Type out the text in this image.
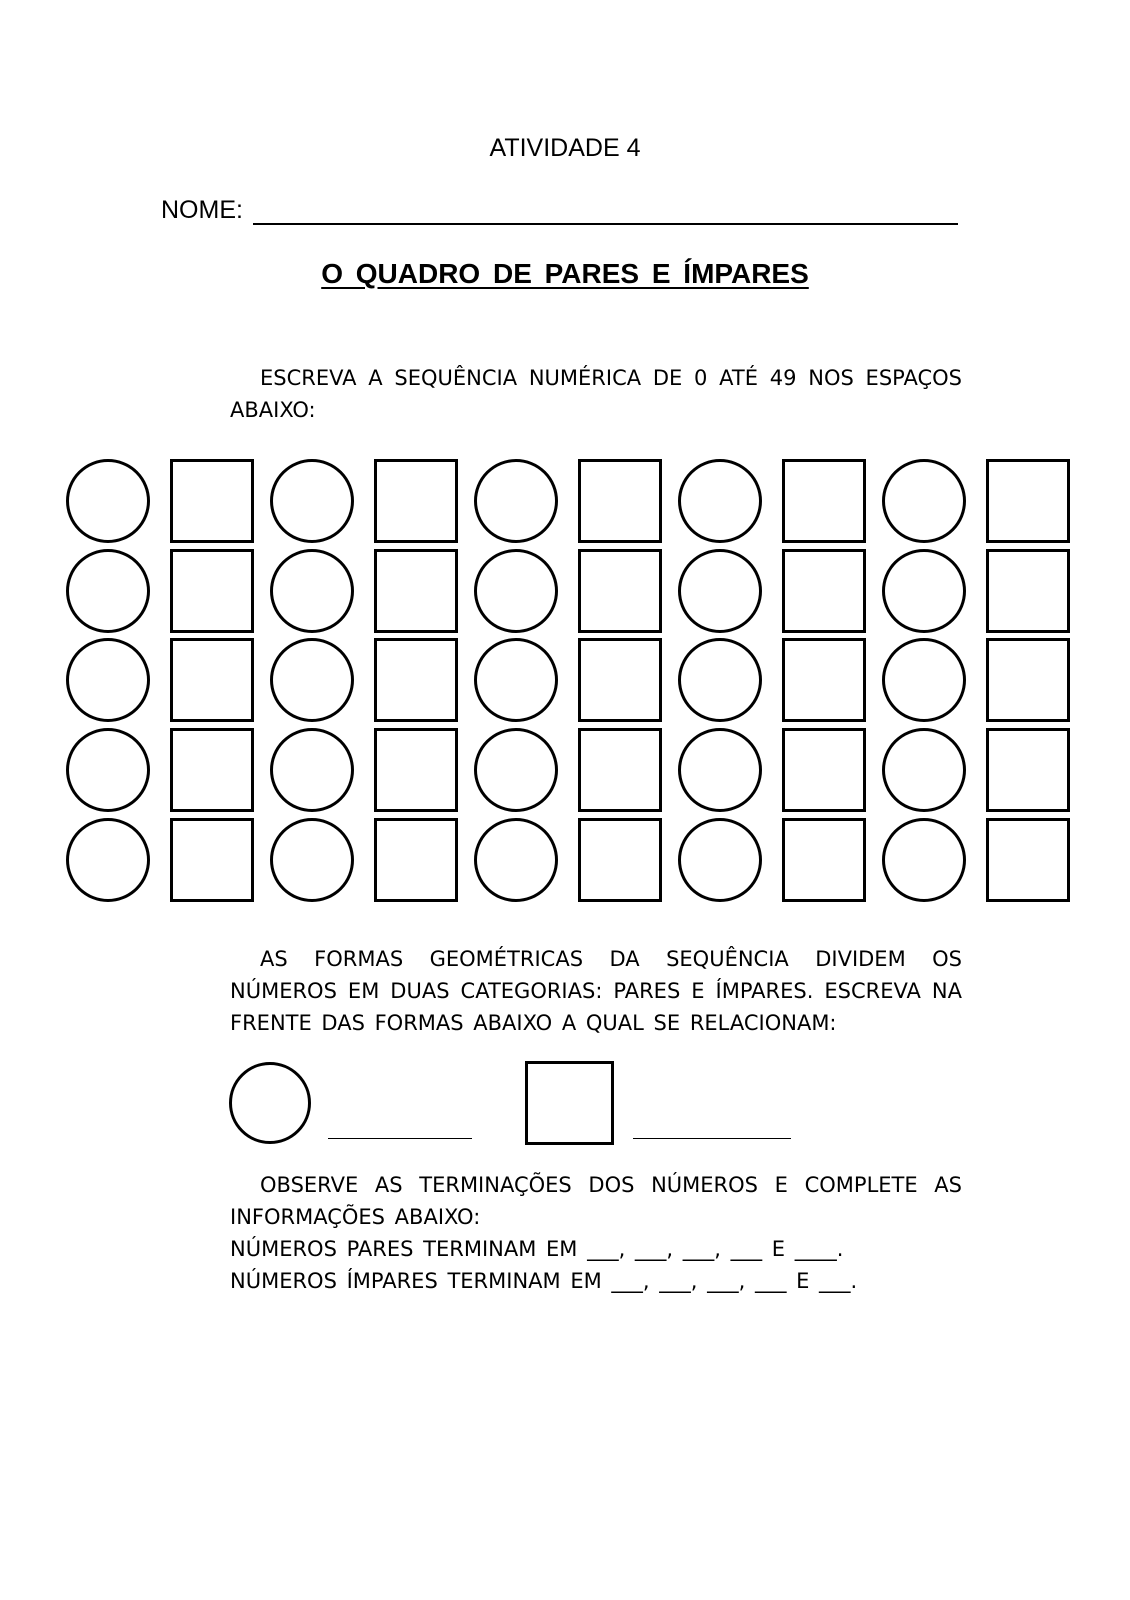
ATIVIDADE 4
NOME:
O QUADRO DE PARES E ÍMPARES
ESCREVA A SEQUÊNCIA NUMÉRICA DE 0 ATÉ 49 NOS ESPAÇOS ABAIXO:
AS FORMAS GEOMÉTRICAS DA SEQUÊNCIA DIVIDEM OS NÚMEROS EM DUAS CATEGORIAS: PARES E ÍMPARES. ESCREVA NA FRENTE DAS FORMAS ABAIXO A QUAL SE RELACIONAM:
OBSERVE AS TERMINAÇÕES DOS NÚMEROS E COMPLETE AS INFORMAÇÕES ABAIXO:
NÚMEROS PARES TERMINAM EM ___, ___, ___, ___ E ____.
NÚMEROS ÍMPARES TERMINAM EM ___, ___, ___, ___ E ___.
